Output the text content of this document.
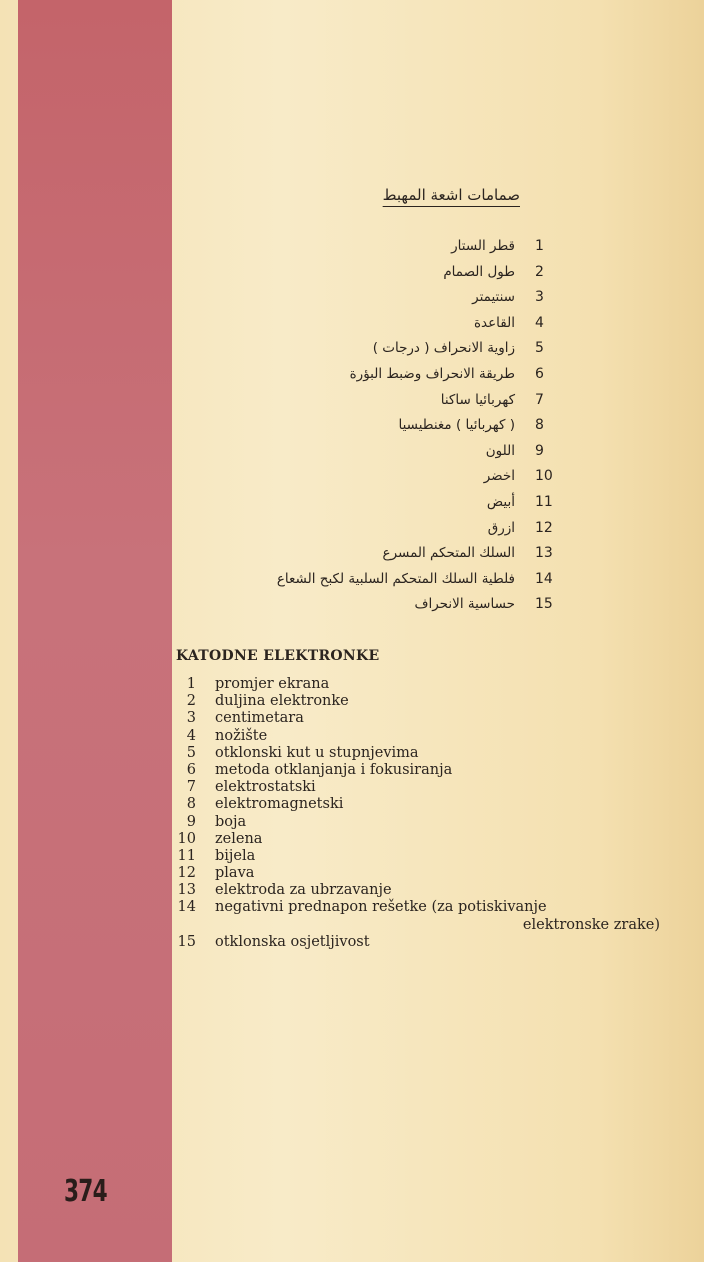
374
صمامات اشعة المهبط
قطر الستار 1
طول الصمام 2
سنتيمتر 3
القاعدة 4
زاوية الانحراف ( درجات ) 5
طريقة الانحراف وضبط البؤرة 6
كهربائيا ساكنا 7
( كهربائيا ) مغنطيسيا 8
اللون 9
اخضر 10
أبيض 11
ازرق 12
السلك المتحكم المسرع 13
فلطية السلك المتحكم السلبية لكبح الشعاع 14
حساسية الانحراف 15
KATODNE ELEKTRONKE
1 promjer ekrana
2 duljina elektronke
3 centimetara
4 nožište
5 otklonski kut u stupnjevima
6 metoda otklanjanja i fokusiranja
7 elektrostatski
8 elektromagnetski
9 boja
10 zelena
11 bijela
12 plava
13 elektroda za ubrzavanje
14 negativni prednapon rešetke (za potiskivanje
elektronske zrake)
15 otklonska osjetljivost
